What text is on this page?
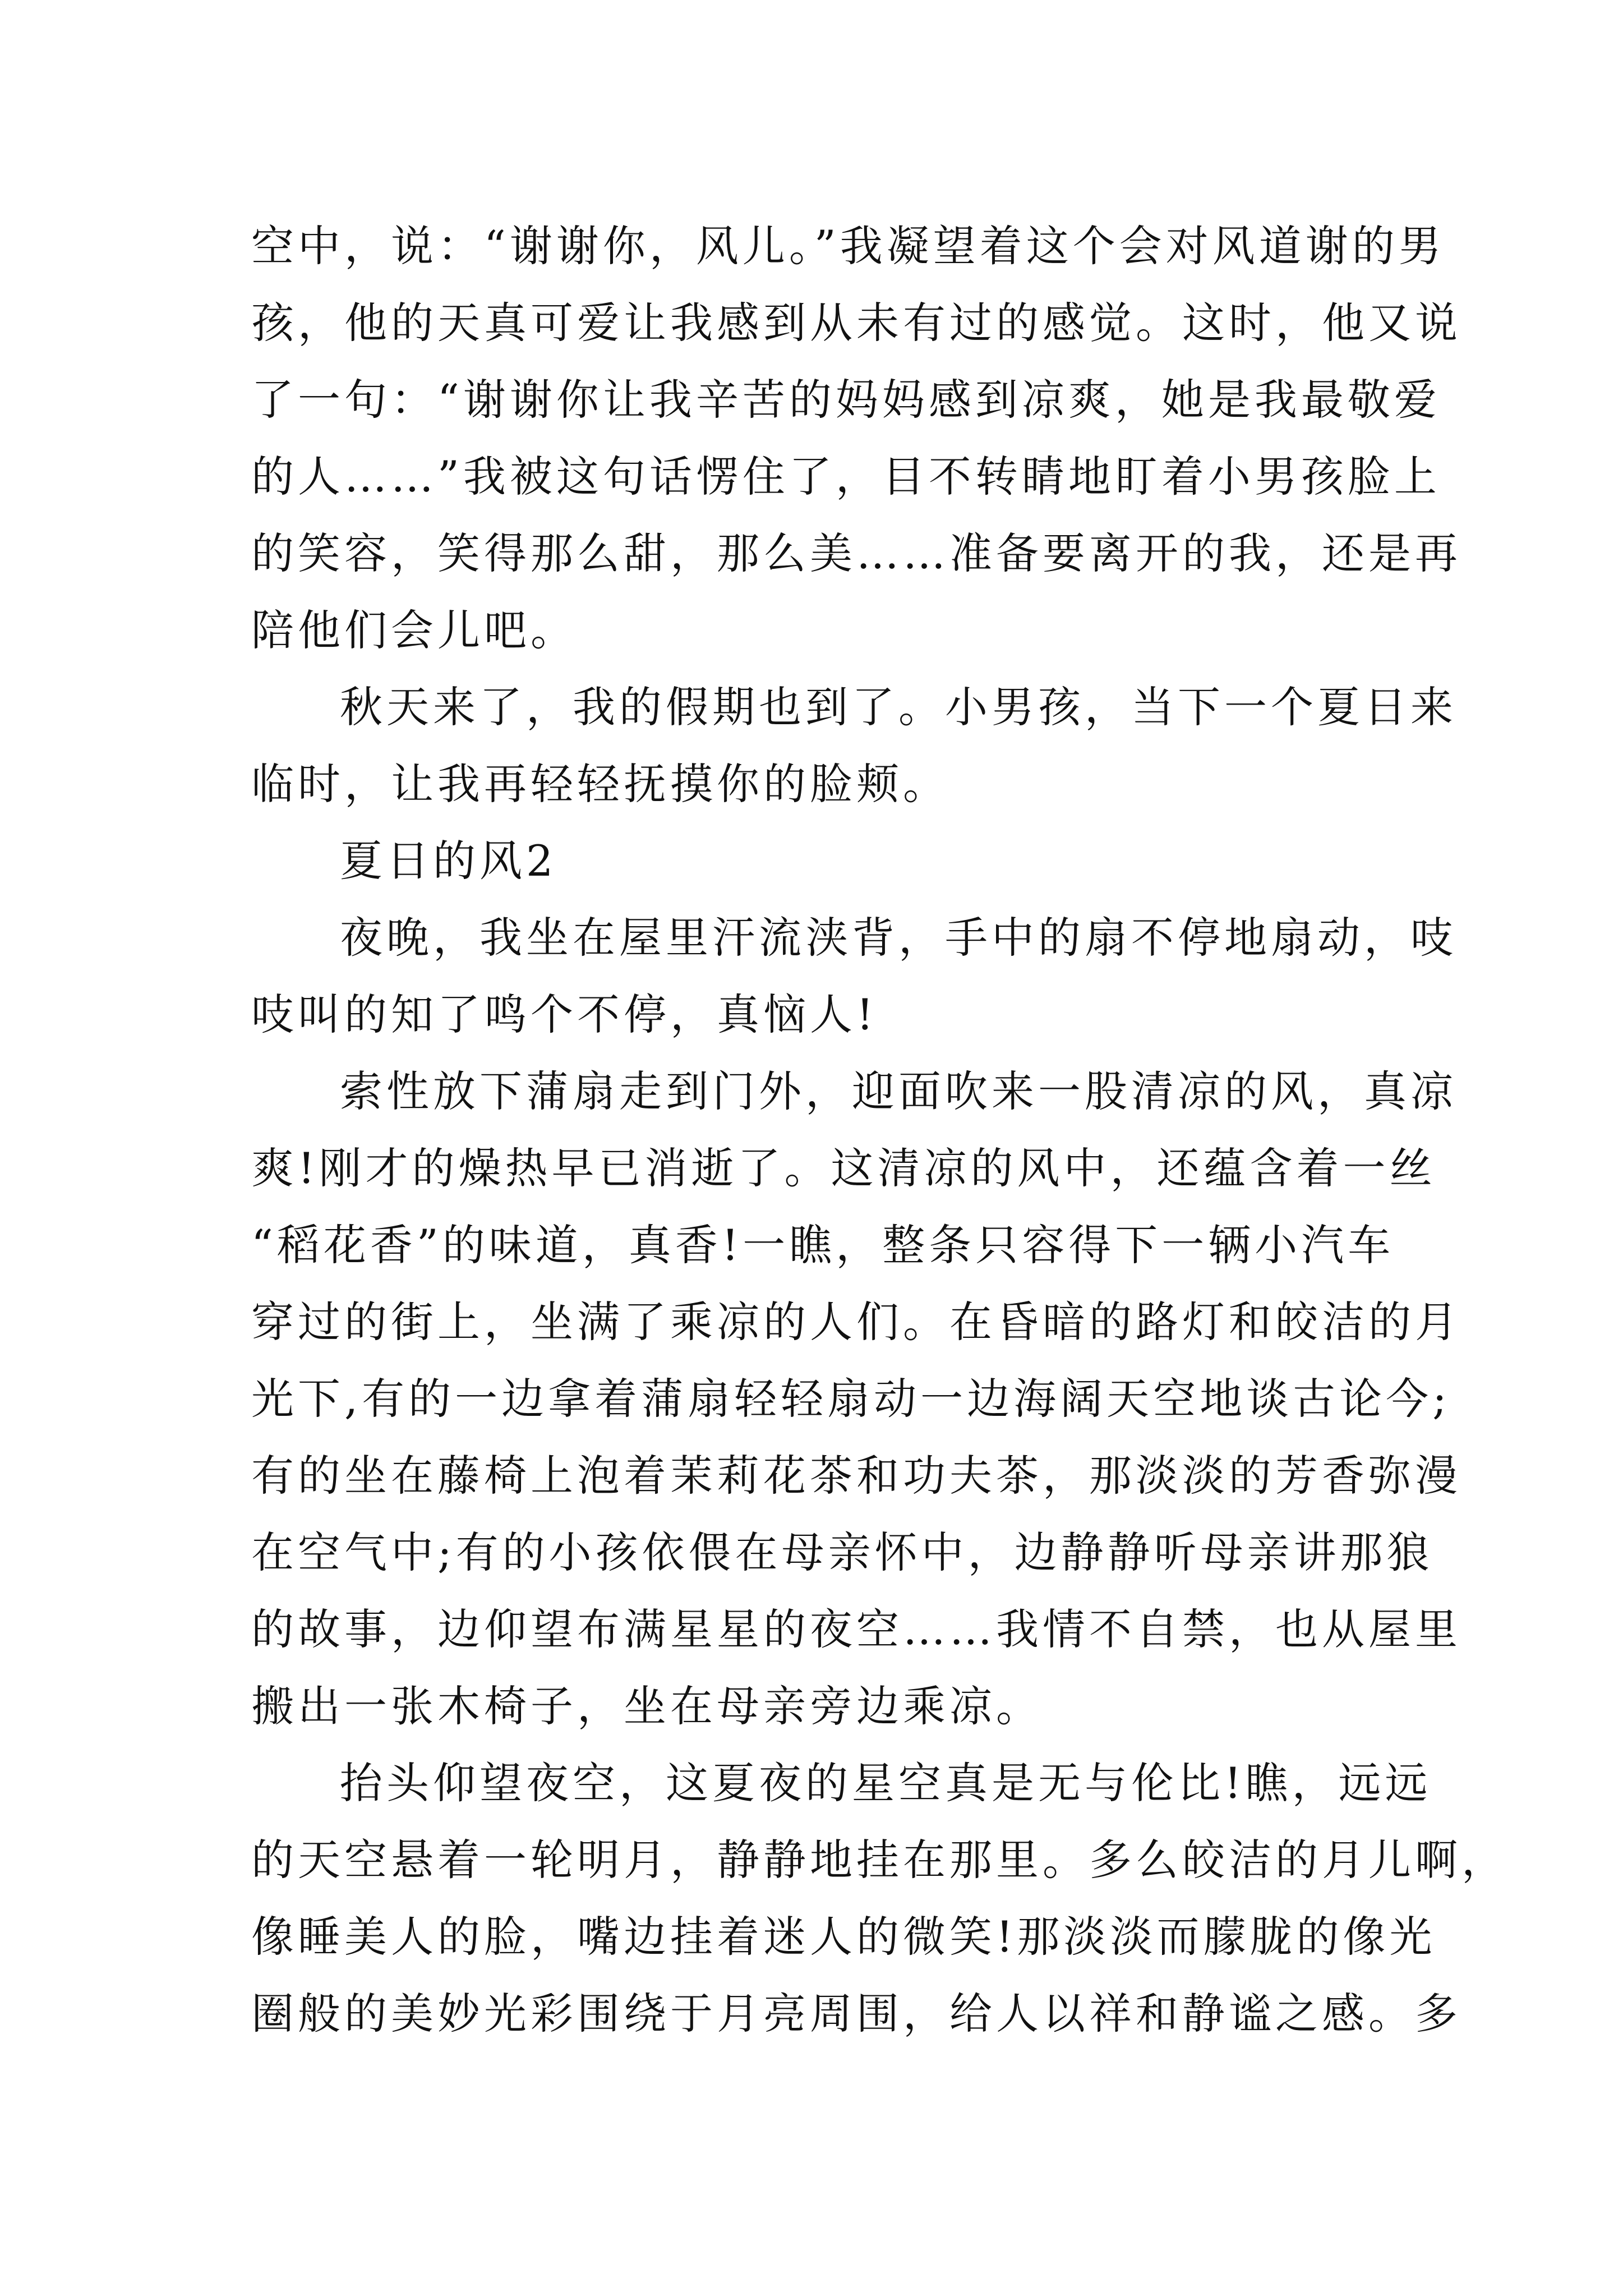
空中，说：“谢谢你，风儿。”我凝望着这个会对风道谢的男
孩，他的天真可爱让我感到从未有过的感觉。这时，他又说
了一句：“谢谢你让我辛苦的妈妈感到凉爽，她是我最敬爱
的人……”我被这句话愣住了，目不转睛地盯着小男孩脸上
的笑容，笑得那么甜，那么美……准备要离开的我，还是再
陪他们会儿吧。
秋天来了，我的假期也到了。小男孩，当下一个夏日来
临时，让我再轻轻抚摸你的脸颊。
夏日的风2
夜晚，我坐在屋里汗流浃背，手中的扇不停地扇动，吱
吱叫的知了鸣个不停，真恼人!
索性放下蒲扇走到门外，迎面吹来一股清凉的风，真凉
爽!刚才的燥热早已消逝了。这清凉的风中，还蕴含着一丝
“稻花香”的味道，真香!一瞧，整条只容得下一辆小汽车
穿过的街上，坐满了乘凉的人们。在昏暗的路灯和皎洁的月
光下,有的一边拿着蒲扇轻轻扇动一边海阔天空地谈古论今;
有的坐在藤椅上泡着茉莉花茶和功夫茶，那淡淡的芳香弥漫
在空气中;有的小孩依偎在母亲怀中，边静静听母亲讲那狼
的故事，边仰望布满星星的夜空……我情不自禁，也从屋里
搬出一张木椅子，坐在母亲旁边乘凉。
抬头仰望夜空，这夏夜的星空真是无与伦比!瞧，远远
的天空悬着一轮明月，静静地挂在那里。多么皎洁的月儿啊，
像睡美人的脸，嘴边挂着迷人的微笑!那淡淡而朦胧的像光
圈般的美妙光彩围绕于月亮周围，给人以祥和静谧之感。多
